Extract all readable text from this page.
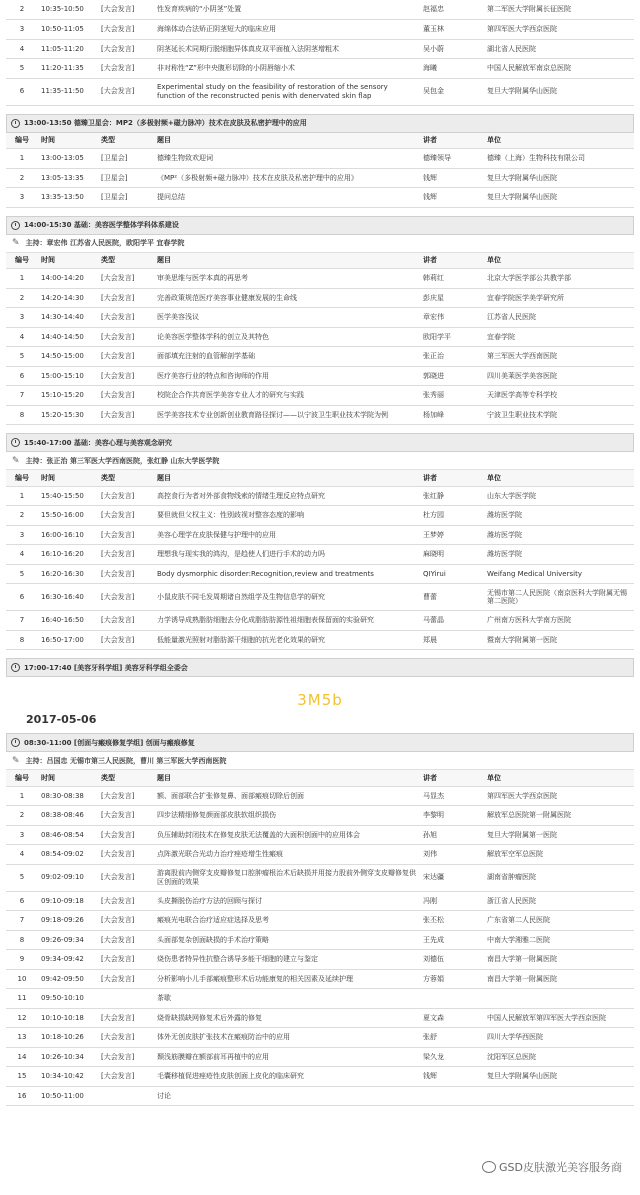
2	10:35-10:50	[大会发言]	性发育疾病的“小阴茎”处置	赵福忠	第二军医大学附属长征医院
3	10:50-11:05	[大会发言]	海绵体动合法矫正阴茎短大的临床应用	董玉林	第四军医大学西京医院
4	11:05-11:20	[大会发言]	阴茎延长术同期行脱细胞异体真皮双平面植入法阴茎增粗术	吴小蔚	湖北省人民医院
5	11:20-11:35	[大会发言]	非对称性“Z”形中央腹形切除的小阴唇缩小术	海曦	中国人民解放军南京总医院
6	11:35-11:50	[大会发言]	Experimental study on the feasibility of restoration of the sensory function of the reconstructed penis with denervated skin flap	吴包金	复旦大学附属华山医院
13:00-13:50 德臻卫星会：MP2（多极射频+磁力脉冲）技术在皮肤及私密护理中的应用
编号	时间	类型	题目	讲者	单位
1	13:00-13:05	[卫星会]	德臻生物致欢迎词	德臻领导	德臻（上海）生物科技有限公司
2	13:05-13:35	[卫星会]	《MP²（多极射频+磁力脉冲）技术在皮肤及私密护理中的应用》	钱辉	复旦大学附属华山医院
3	13:35-13:50	[卫星会]	提问总结	钱辉	复旦大学附属华山医院
14:00-15:30 基础：美容医学整体学科体系建设
✎ 主持：章宏伟 江苏省人民医院，欧阳学平 宜春学院
编号	时间	类型	题目	讲者	单位
1	14:00-14:20	[大会发言]	审美思维与医学本真的再思考	韩莉红	北京大学医学部公共教学部
2	14:20-14:30	[大会发言]	完善政策规范医疗美容事业健康发展的生命线	彭庆星	宜春学院医学美学研究所
3	14:30-14:40	[大会发言]	医学美容浅议	章宏伟	江苏省人民医院
4	14:40-14:50	[大会发言]	论美容医学整体学科的创立及其特色	欧阳学平	宜春学院
5	14:50-15:00	[大会发言]	面部填充注射的血管解剖学基础	张正治	第三军医大学西南医院
6	15:00-15:10	[大会发言]	医疗美容行业的特点和咨询师的作用	郭晓进	四川美莱医学美容医院
7	15:10-15:20	[大会发言]	校院企合作共育医学美容专业人才的研究与实践	张秀丽	天津医学高等专科学校
8	15:20-15:30	[大会发言]	医学美容技术专业创新创业教育路径探讨——以宁波卫生职业技术学院为例	杨加峰	宁波卫生职业技术学院
15:40-17:00 基础：美容心理与美容观念研究
✎ 主持：张正治 第三军医大学西南医院，张红静 山东大学医学院
编号	时间	类型	题目	讲者	单位
1	15:40-15:50	[大会发言]	高控食行为者对外部食物线索的情绪生理反应特点研究	张红静	山东大学医学院
2	15:50-16:00	[大会发言]	要但就但父权主义：性别歧视对整容态度的影响	杜方园	潍坊医学院
3	16:00-16:10	[大会发言]	美容心理学在皮肤保健与护理中的应用	王梦婷	潍坊医学院
4	16:10-16:20	[大会发言]	理想我与现实我的鸿沟，是趋使人们进行手术的动力吗	麻晓明	潍坊医学院
5	16:20-16:30	[大会发言]	Body dysmorphic disorder:Recognition,review and treatments	QIYirui	Weifang Medical University
6	16:30-16:40	[大会发言]	小鼠皮肤不同毛发周期诸自然组学及生物信息学的研究	曹蕾	无锡市第二人民医院（南京医科大学附属无锡第二医院）
7	16:40-16:50	[大会发言]	力学诱导成熟脂肪细胞去分化成脂肪肪源性祖细胞表保留面的实验研究	马蕾晶	广州南方医科大学南方医院
8	16:50-17:00	[大会发言]	低能量激光照射对脂肪源干细胞的抗光老化效果的研究	郑晨	暨南大学附属第一医院
17:00-17:40 [美容牙科学组] 美容牙科学组全委会
3M5b
2017-05-06
08:30-11:00 [创面与瘢痕修复学组] 创面与瘢痕修复
✎ 主持：吕国忠 无锡市第三人民医院，曹川 第三军医大学西南医院
编号	时间	类型	题目	讲者	单位
1	08:30-08:38	[大会发言]	额、面部联合扩张修复鼻、面部瘢痕切除后创面	马显杰	第四军医大学西京医院
2	08:38-08:46	[大会发言]	四步法精细修复颜面部皮肤软组织损伤	李黎明	解放军总医院第一附属医院
3	08:46-08:54	[大会发言]	负压辅助封闭技术在修复皮肤无法覆盖的大面积创面中的应用体会	孙旭	复旦大学附属第一医院
4	08:54-09:02	[大会发言]	点阵激光联合光动力治疗痤疮增生性瘢痕	刘伟	解放军空军总医院
5	09:02-09:10	[大会发言]	游离股前内侧穿支皮瓣修复口腔肿瘤根治术后缺损并用接力股前外侧穿支皮瓣修复供区创面的效果	宋达疆	湖南省肿瘤医院
6	09:10-09:18	[大会发言]	头皮撕脱伤治疗方法的回顾与探讨	冯刚	浙江省人民医院
7	09:18-09:26	[大会发言]	瘢痕光电联合治疗适应症选择及思考	张丕松	广东省第二人民医院
8	09:26-09:34	[大会发言]	头面部复杂创面缺损的手术治疗策略	王先成	中南大学湘雅二医院
9	09:34-09:42	[大会发言]	烧伤患者特异性抗整合诱导多能干细胞的建立与鉴定	刘德伍	南昌大学第一附属医院
10	09:42-09:50	[大会发言]	分析影响小儿手部瘢痕整形术后功能康复的相关因素及延续护理	方蓉娟	南昌大学第一附属医院
11	09:50-10:10		茶歇		
12	10:10-10:18	[大会发言]	烧骨缺损缺网修复术后外露的修复	夏文森	中国人民解放军第四军医大学西京医院
13	10:18-10:26	[大会发言]	体外无创皮肤扩张技术在瘢痕防治中的应用	张舒	四川大学华西医院
14	10:26-10:34	[大会发言]	颞浅筋膜瓣在额部前耳再植中的应用	梁久龙	沈阳军区总医院
15	10:34-10:42	[大会发言]	毛囊移植促进痤疮性皮肤创面上皮化的临床研究	钱辉	复旦大学附属华山医院
16	10:50-11:00		讨论		
GSD皮肤激光美容服务商
